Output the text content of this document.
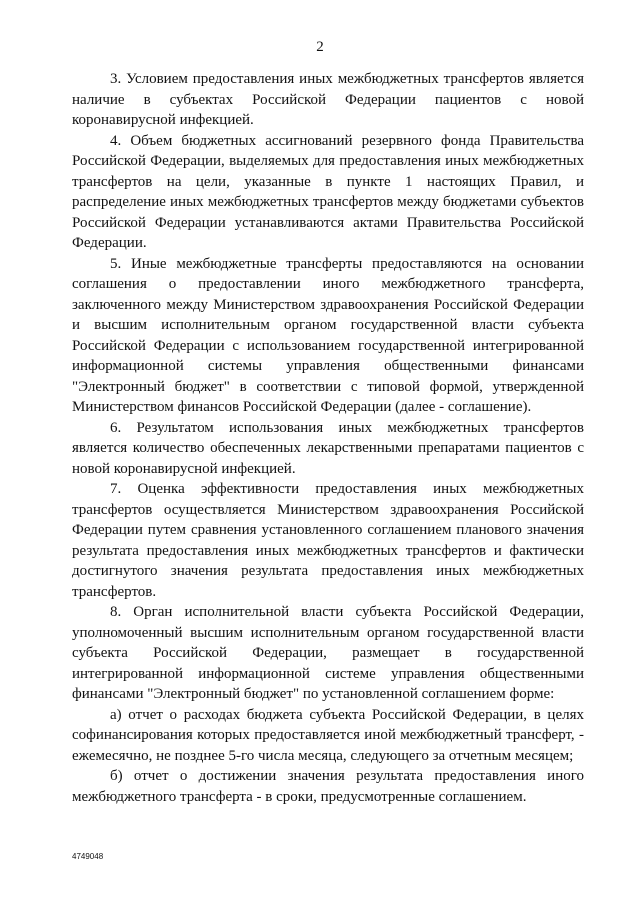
2

3. Условием предоставления иных межбюджетных трансфертов является наличие в субъектах Российской Федерации пациентов с новой коронавирусной инфекцией.

4. Объем бюджетных ассигнований резервного фонда Правительства Российской Федерации, выделяемых для предоставления иных межбюджетных трансфертов на цели, указанные в пункте 1 настоящих Правил, и распределение иных межбюджетных трансфертов между бюджетами субъектов Российской Федерации устанавливаются актами Правительства Российской Федерации.

5. Иные межбюджетные трансферты предоставляются на основании соглашения о предоставлении иного межбюджетного трансферта, заключенного между Министерством здравоохранения Российской Федерации и высшим исполнительным органом государственной власти субъекта Российской Федерации с использованием государственной интегрированной информационной системы управления общественными финансами "Электронный бюджет" в соответствии с типовой формой, утвержденной Министерством финансов Российской Федерации (далее - соглашение).

6. Результатом использования иных межбюджетных трансфертов является количество обеспеченных лекарственными препаратами пациентов с новой коронавирусной инфекцией.

7. Оценка эффективности предоставления иных межбюджетных трансфертов осуществляется Министерством здравоохранения Российской Федерации путем сравнения установленного соглашением планового значения результата предоставления иных межбюджетных трансфертов и фактически достигнутого значения результата предоставления иных межбюджетных трансфертов.

8. Орган исполнительной власти субъекта Российской Федерации, уполномоченный высшим исполнительным органом государственной власти субъекта Российской Федерации, размещает в государственной интегрированной информационной системе управления общественными финансами "Электронный бюджет" по установленной соглашением форме:

а) отчет о расходах бюджета субъекта Российской Федерации, в целях софинансирования которых предоставляется иной межбюджетный трансферт, - ежемесячно, не позднее 5-го числа месяца, следующего за отчетным месяцем;

б) отчет о достижении значения результата предоставления иного межбюджетного трансферта - в сроки, предусмотренные соглашением.

4749048
